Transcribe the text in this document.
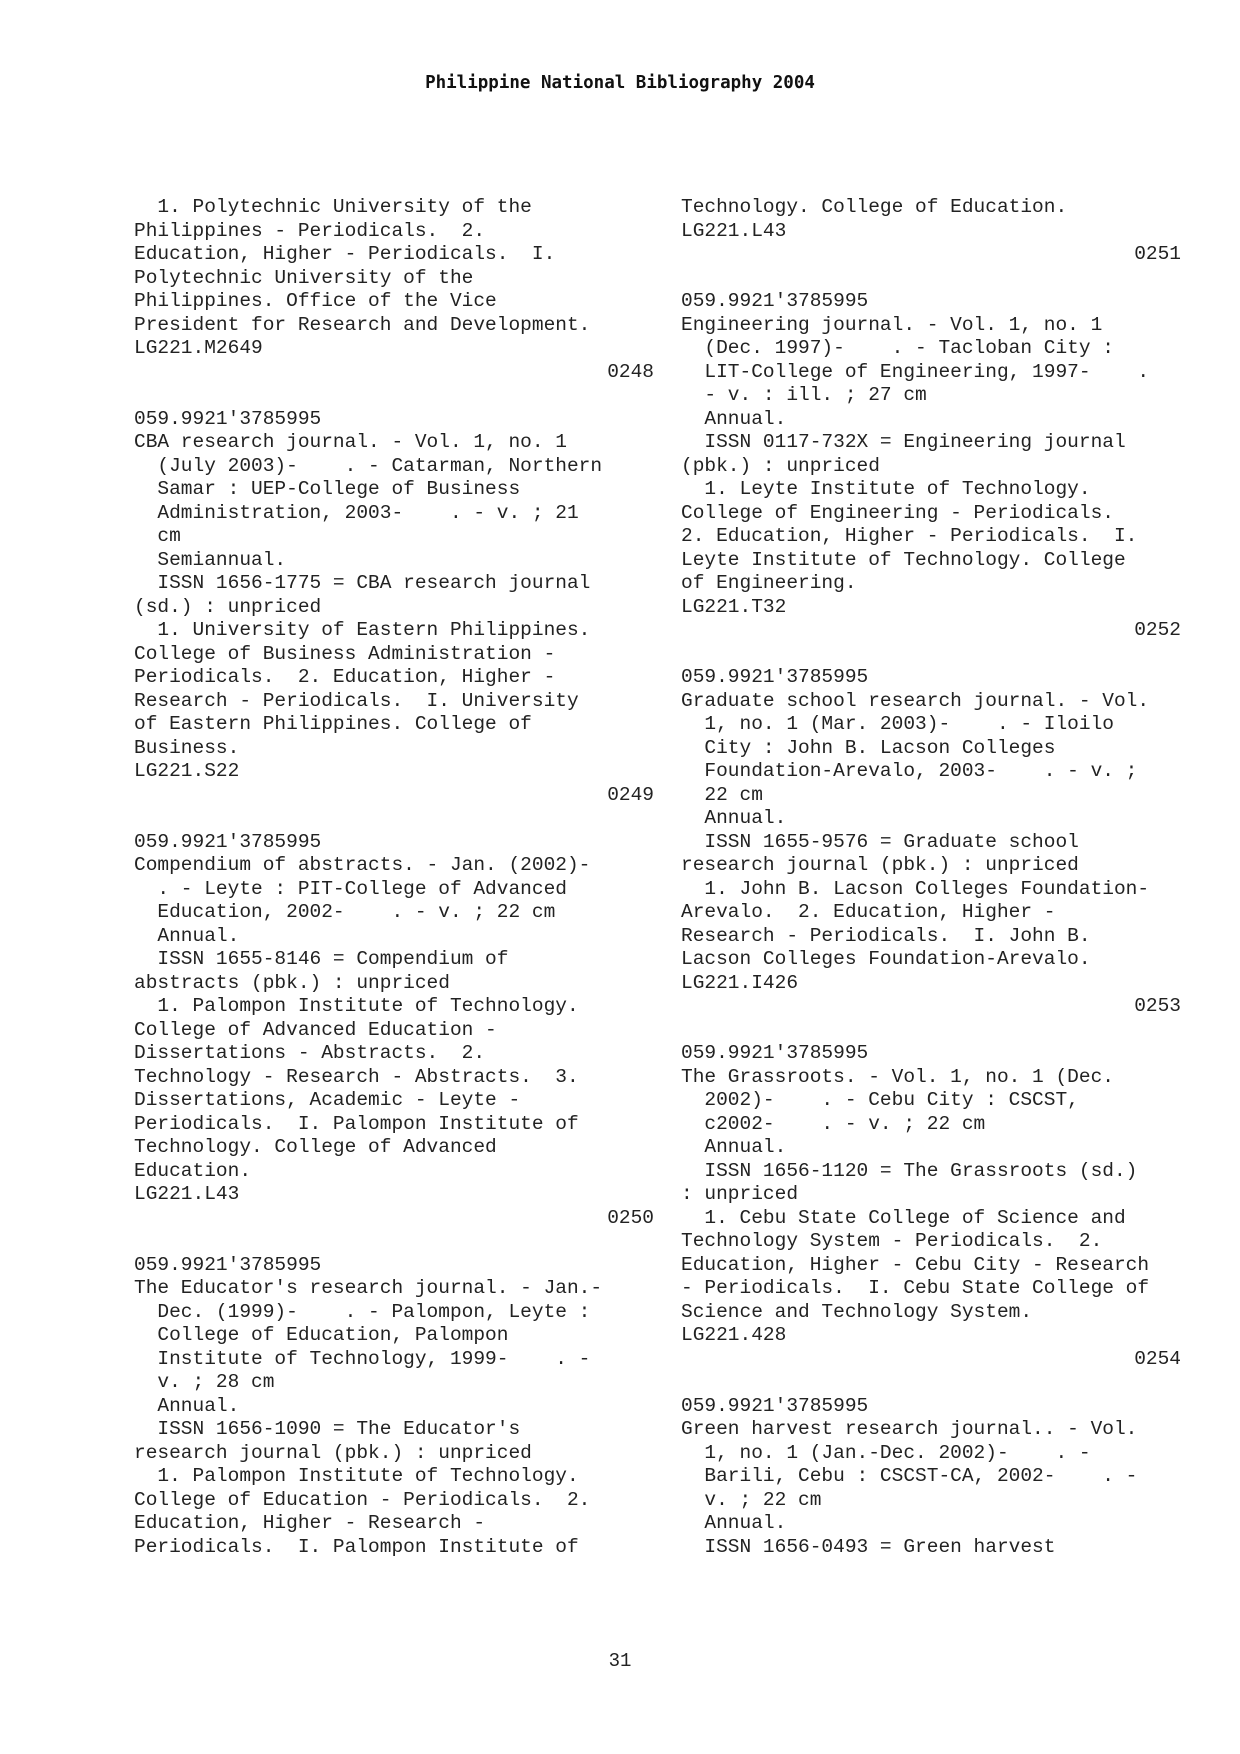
Philippine National Bibliography 2004
1. Polytechnic University of the
Philippines - Periodicals.  2.
Education, Higher - Periodicals.  I.
Polytechnic University of the
Philippines. Office of the Vice
President for Research and Development.
LG221.M2649
0248
059.9921'3785995
CBA research journal. - Vol. 1, no. 1
(July 2003)-    . - Catarman, Northern
Samar : UEP-College of Business
Administration, 2003-    . - v. ; 21
cm
Semiannual.
ISSN 1656-1775 = CBA research journal
(sd.) : unpriced
1. University of Eastern Philippines.
College of Business Administration -
Periodicals.  2. Education, Higher -
Research - Periodicals.  I. University
of Eastern Philippines. College of
Business.
LG221.S22
0249
059.9921'3785995
Compendium of abstracts. - Jan. (2002)-
. - Leyte : PIT-College of Advanced
Education, 2002-    . - v. ; 22 cm
Annual.
ISSN 1655-8146 = Compendium of
abstracts (pbk.) : unpriced
1. Palompon Institute of Technology.
College of Advanced Education -
Dissertations - Abstracts.  2.
Technology - Research - Abstracts.  3.
Dissertations, Academic - Leyte -
Periodicals.  I. Palompon Institute of
Technology. College of Advanced
Education.
LG221.L43
0250
059.9921'3785995
The Educator's research journal. - Jan.-
Dec. (1999)-    . - Palompon, Leyte :
College of Education, Palompon
Institute of Technology, 1999-    . -
v. ; 28 cm
Annual.
ISSN 1656-1090 = The Educator's
research journal (pbk.) : unpriced
1. Palompon Institute of Technology.
College of Education - Periodicals.  2.
Education, Higher - Research -
Periodicals.  I. Palompon Institute of
Technology. College of Education.
LG221.L43
0251
059.9921'3785995
Engineering journal. - Vol. 1, no. 1
(Dec. 1997)-    . - Tacloban City :
LIT-College of Engineering, 1997-    .
- v. : ill. ; 27 cm
Annual.
ISSN 0117-732X = Engineering journal
(pbk.) : unpriced
1. Leyte Institute of Technology.
College of Engineering - Periodicals.
2. Education, Higher - Periodicals.  I.
Leyte Institute of Technology. College
of Engineering.
LG221.T32
0252
059.9921'3785995
Graduate school research journal. - Vol.
1, no. 1 (Mar. 2003)-    . - Iloilo
City : John B. Lacson Colleges
Foundation-Arevalo, 2003-    . - v. ;
22 cm
Annual.
ISSN 1655-9576 = Graduate school
research journal (pbk.) : unpriced
1. John B. Lacson Colleges Foundation-
Arevalo.  2. Education, Higher -
Research - Periodicals.  I. John B.
Lacson Colleges Foundation-Arevalo.
LG221.I426
0253
059.9921'3785995
The Grassroots. - Vol. 1, no. 1 (Dec.
2002)-    . - Cebu City : CSCST,
c2002-    . - v. ; 22 cm
Annual.
ISSN 1656-1120 = The Grassroots (sd.)
: unpriced
1. Cebu State College of Science and
Technology System - Periodicals.  2.
Education, Higher - Cebu City - Research
- Periodicals.  I. Cebu State College of
Science and Technology System.
LG221.428
0254
059.9921'3785995
Green harvest research journal.. - Vol.
1, no. 1 (Jan.-Dec. 2002)-    . -
Barili, Cebu : CSCST-CA, 2002-    . -
v. ; 22 cm
Annual.
ISSN 1656-0493 = Green harvest
31
